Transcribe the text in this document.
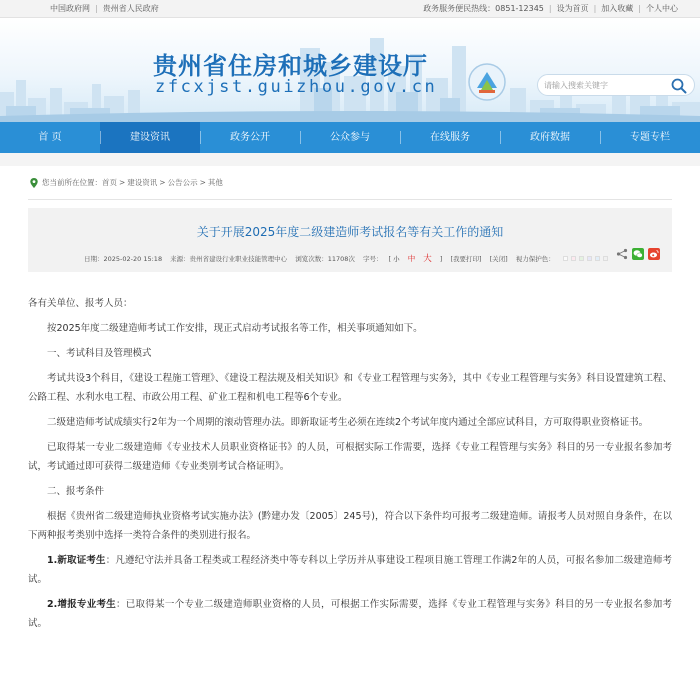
中国政府网 | 贵州省人民政府	政务服务便民热线：0851-12345 | 设为首页 | 加入收藏 | 个人中心
贵州省住房和城乡建设厅
zfcxjst.guizhou.gov.cn
请输入搜索关键字
首 页	建设资讯	政务公开	公众参与	在线服务	政府数据	专题专栏
您当前所在位置： 首页 > 建设资讯 > 公告公示 > 其他
关于开展2025年度二级建造师考试报名等有关工作的通知
日期：2025-02-20 15:18 来源：贵州省建设行业职业技能管理中心 浏览次数：11708次 字号： [ 小 中 大 ] [我要打印] [关闭] 视力保护色：

各有关单位、报考人员：

按2025年度二级建造师考试工作安排，现正式启动考试报名等工作，相关事项通知如下。

一、考试科目及管理模式

考试共设3个科目，《建设工程施工管理》、《建设工程法规及相关知识》和《专业工程管理与实务》，其中《专业工程管理与实务》科目设置建筑工程、公路工程、水利水电工程、市政公用工程、矿业工程和机电工程等6个专业。

二级建造师考试成绩实行2年为一个周期的滚动管理办法。即新取证考生必须在连续2个考试年度内通过全部应试科目，方可取得职业资格证书。

已取得某一专业二级建造师《专业技术人员职业资格证书》的人员，可根据实际工作需要，选择《专业工程管理与实务》科目的另一专业报名参加考试，考试通过即可获得二级建造师《专业类别考试合格证明》。

二、报考条件

根据《贵州省二级建造师执业资格考试实施办法》(黔建办发〔2005〕245号)，符合以下条件均可报考二级建造师。请报考人员对照自身条件，在以下两种报考类别中选择一类符合条件的类别进行报名。

1.新取证考生：凡遵纪守法并具备工程类或工程经济类中等专科以上学历并从事建设工程项目施工管理工作满2年的人员，可报名参加二级建造师考试。

2.增报专业考生：已取得某一个专业二级建造师职业资格的人员，可根据工作实际需要，选择《专业工程管理与实务》科目的另一专业报名参加考试。
